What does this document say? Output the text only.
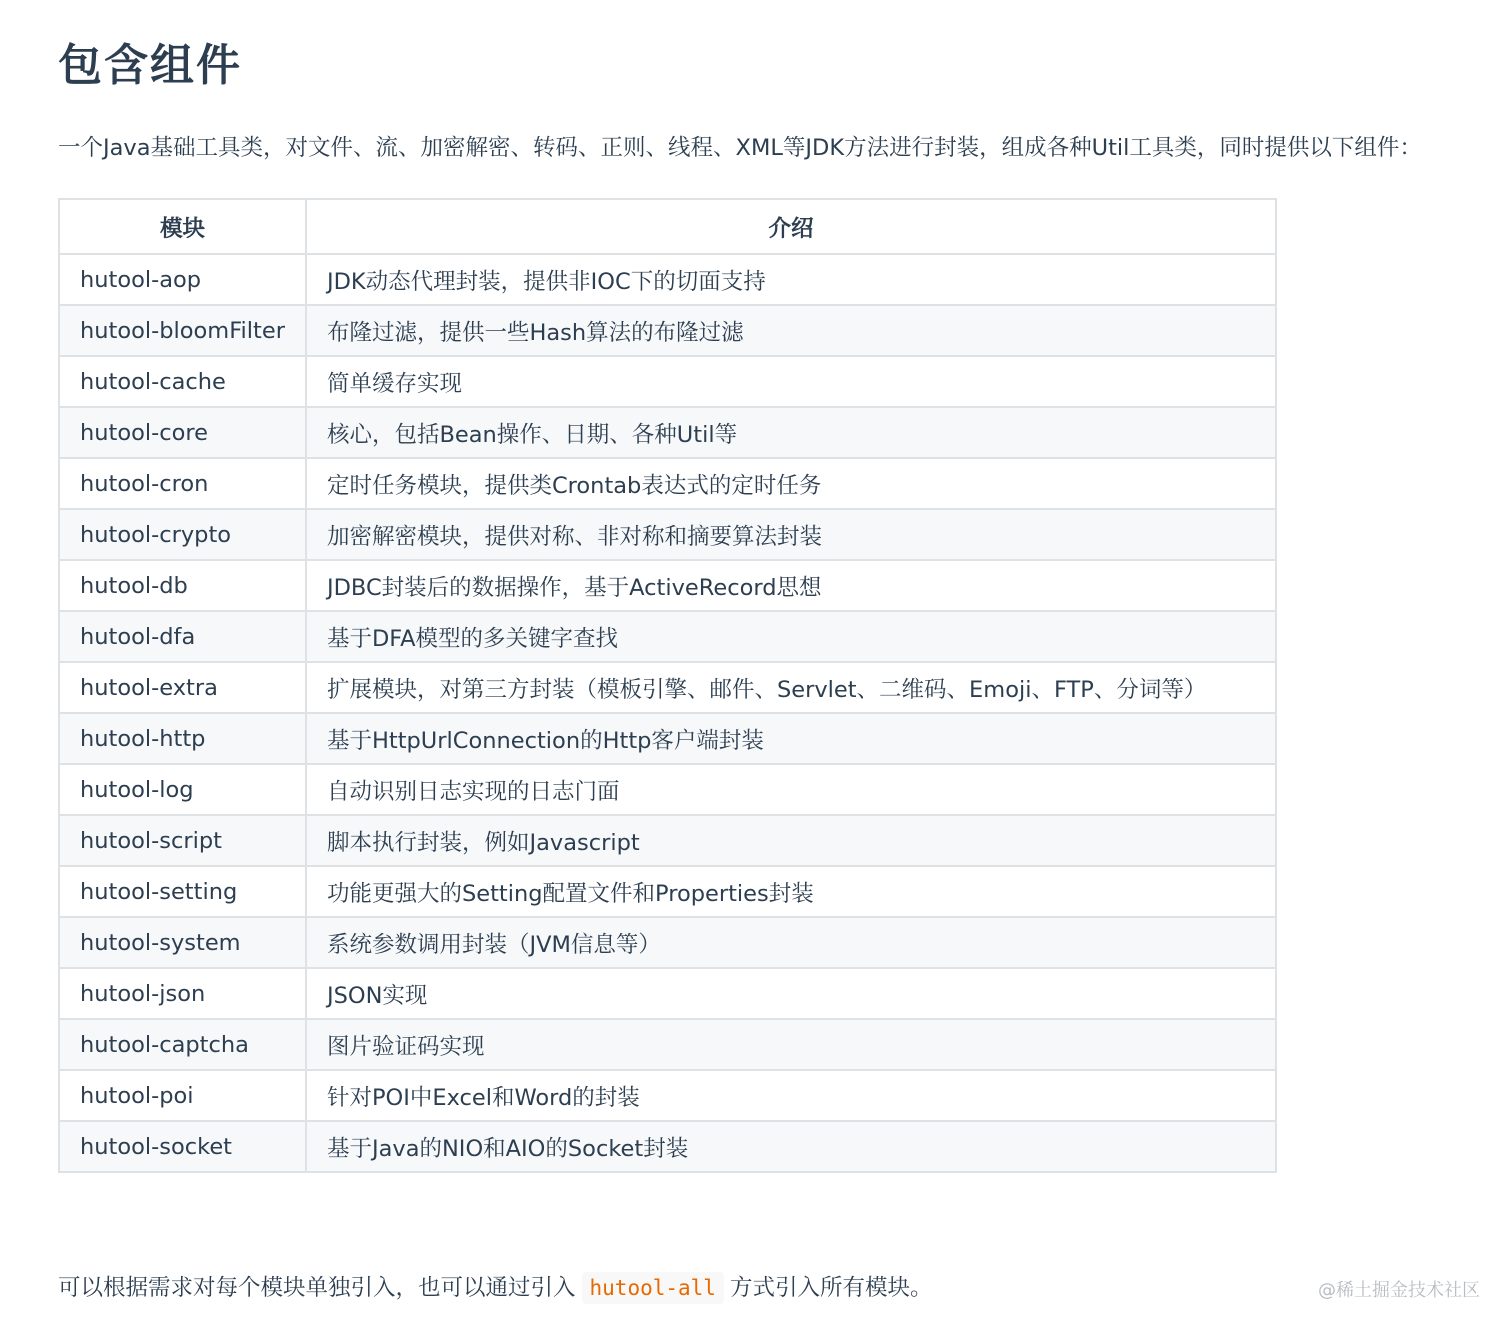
包含组件
一个Java基础工具类，对文件、流、加密解密、转码、正则、线程、XML等JDK方法进行封装，组成各种Util工具类，同时提供以下组件：
模块	介绍
hutool-aop	JDK动态代理封装，提供非IOC下的切面支持
hutool-bloomFilter	布隆过滤，提供一些Hash算法的布隆过滤
hutool-cache	简单缓存实现
hutool-core	核心，包括Bean操作、日期、各种Util等
hutool-cron	定时任务模块，提供类Crontab表达式的定时任务
hutool-crypto	加密解密模块，提供对称、非对称和摘要算法封装
hutool-db	JDBC封装后的数据操作，基于ActiveRecord思想
hutool-dfa	基于DFA模型的多关键字查找
hutool-extra	扩展模块，对第三方封装（模板引擎、邮件、Servlet、二维码、Emoji、FTP、分词等）
hutool-http	基于HttpUrlConnection的Http客户端封装
hutool-log	自动识别日志实现的日志门面
hutool-script	脚本执行封装，例如Javascript
hutool-setting	功能更强大的Setting配置文件和Properties封装
hutool-system	系统参数调用封装（JVM信息等）
hutool-json	JSON实现
hutool-captcha	图片验证码实现
hutool-poi	针对POI中Excel和Word的封装
hutool-socket	基于Java的NIO和AIO的Socket封装
可以根据需求对每个模块单独引入，也可以通过引入 hutool-all 方式引入所有模块。	@稀土掘金技术社区
